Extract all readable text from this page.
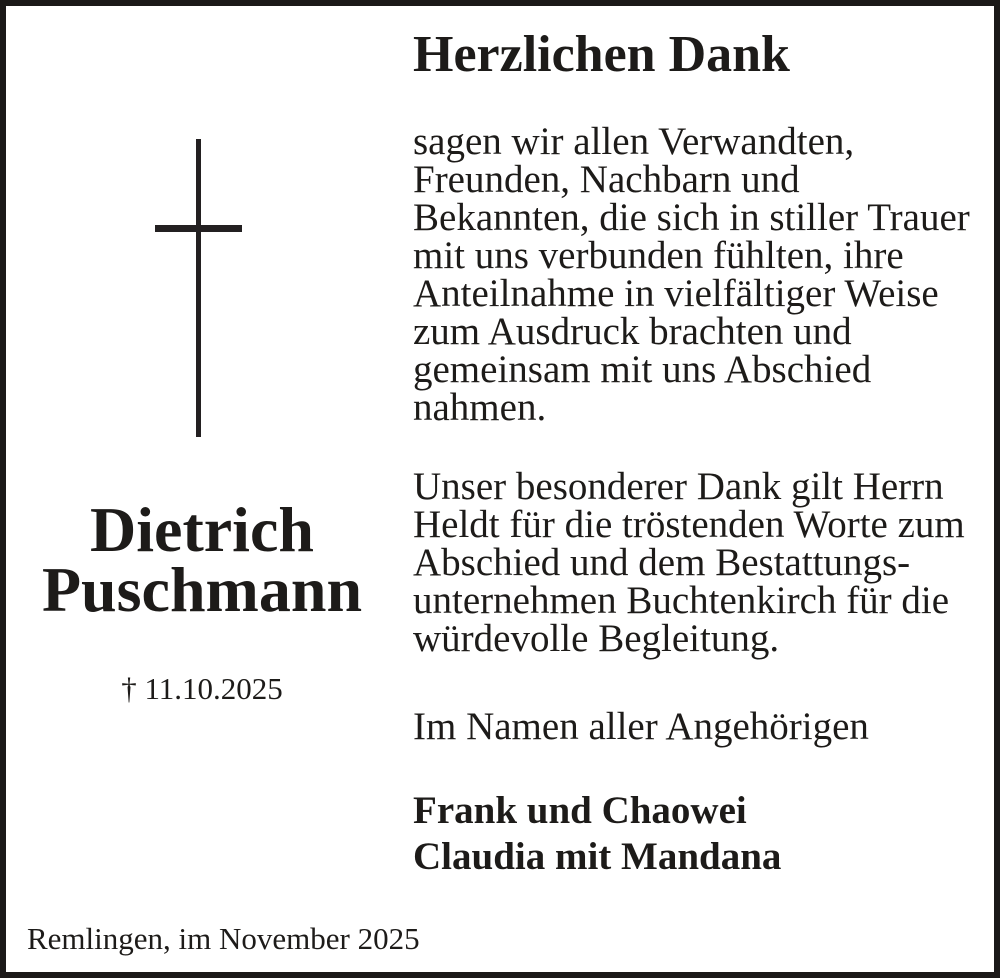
Dietrich
Puschmann
† 11.10.2025
Herzlichen Dank
sagen wir allen Verwandten,
Freunden, Nachbarn und
Bekannten, die sich in stiller Trauer
mit uns verbunden fühlten, ihre
Anteilnahme in vielfältiger Weise
zum Ausdruck brachten und
gemeinsam mit uns Abschied
nahmen.
Unser besonderer Dank gilt Herrn
Heldt für die tröstenden Worte zum
Abschied und dem Bestattungs-
unternehmen Buchtenkirch für die
würdevolle Begleitung.
Im Namen aller Angehörigen
Frank und Chaowei
Claudia mit Mandana
Remlingen, im November 2025
